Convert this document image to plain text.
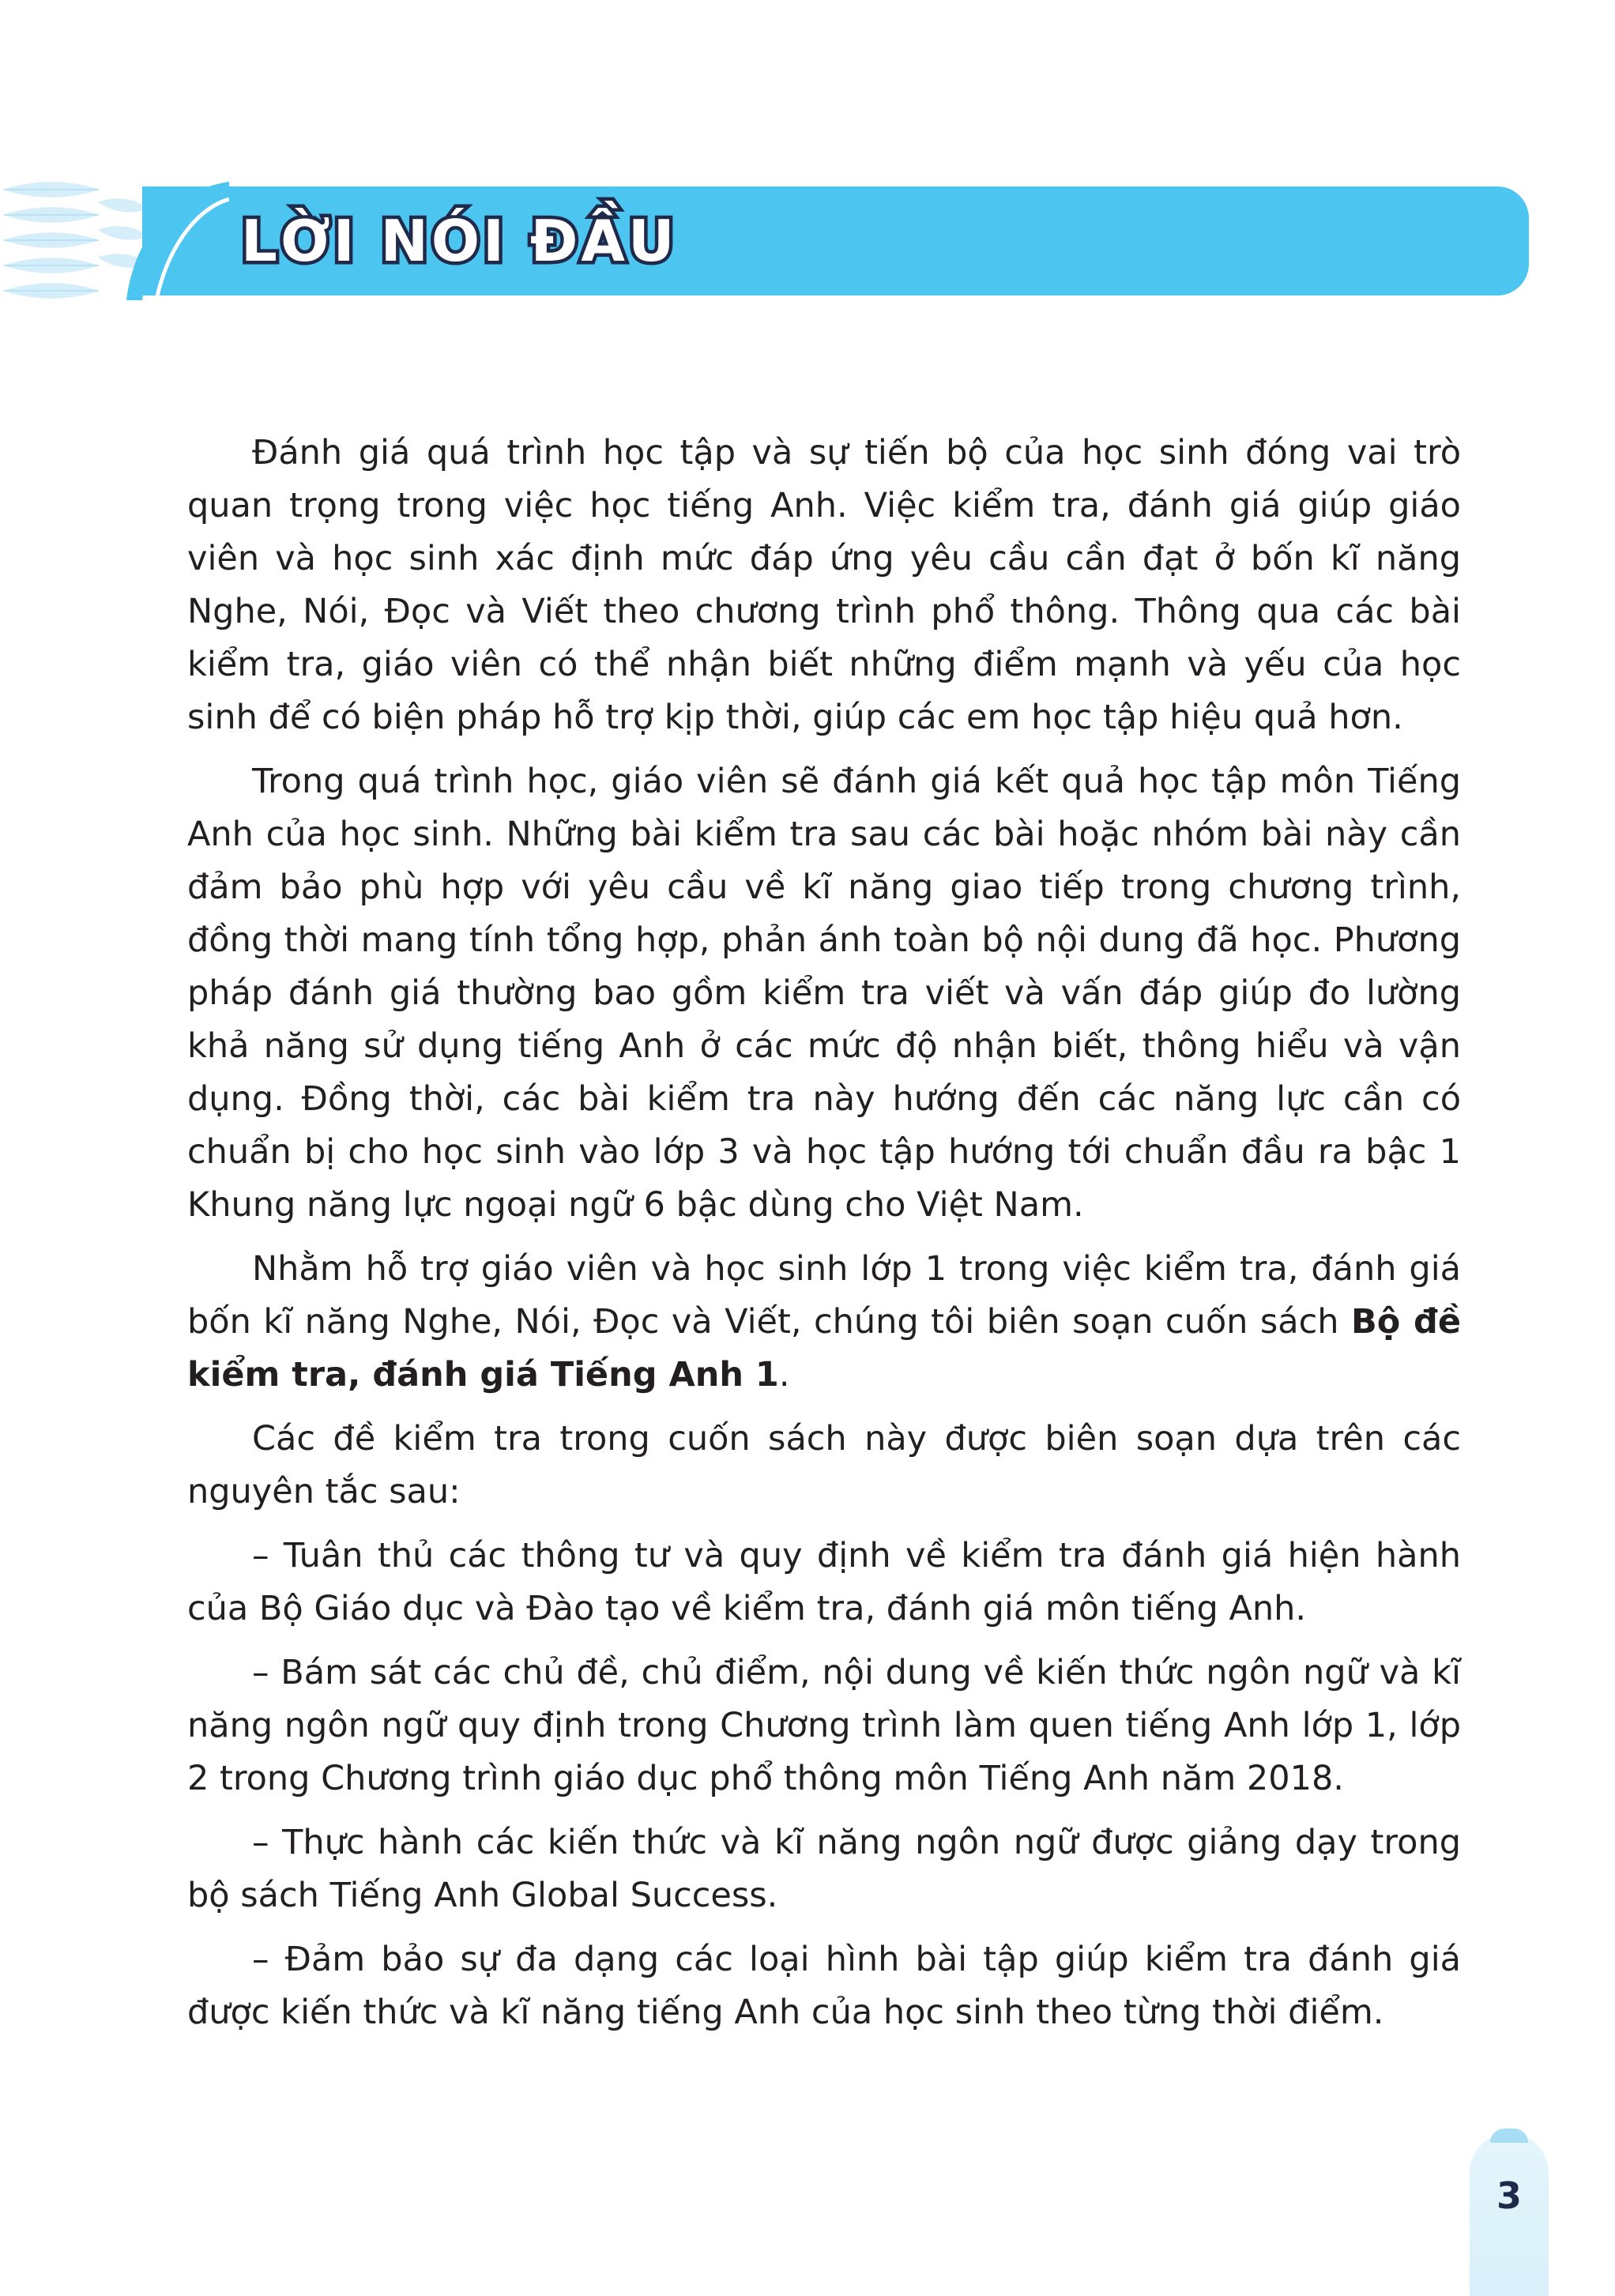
LỜI NÓI ĐẦU

Đánh giá quá trình học tập và sự tiến bộ của học sinh đóng vai trò quan trọng trong việc học tiếng Anh. Việc kiểm tra, đánh giá giúp giáo viên và học sinh xác định mức đáp ứng yêu cầu cần đạt ở bốn kĩ năng Nghe, Nói, Đọc và Viết theo chương trình phổ thông. Thông qua các bài kiểm tra, giáo viên có thể nhận biết những điểm mạnh và yếu của học sinh để có biện pháp hỗ trợ kịp thời, giúp các em học tập hiệu quả hơn.

Trong quá trình học, giáo viên sẽ đánh giá kết quả học tập môn Tiếng Anh của học sinh. Những bài kiểm tra sau các bài hoặc nhóm bài này cần đảm bảo phù hợp với yêu cầu về kĩ năng giao tiếp trong chương trình, đồng thời mang tính tổng hợp, phản ánh toàn bộ nội dung đã học. Phương pháp đánh giá thường bao gồm kiểm tra viết và vấn đáp giúp đo lường khả năng sử dụng tiếng Anh ở các mức độ nhận biết, thông hiểu và vận dụng. Đồng thời, các bài kiểm tra này hướng đến các năng lực cần có chuẩn bị cho học sinh vào lớp 3 và học tập hướng tới chuẩn đầu ra bậc 1 Khung năng lực ngoại ngữ 6 bậc dùng cho Việt Nam.

Nhằm hỗ trợ giáo viên và học sinh lớp 1 trong việc kiểm tra, đánh giá bốn kĩ năng Nghe, Nói, Đọc và Viết, chúng tôi biên soạn cuốn sách Bộ đề kiểm tra, đánh giá Tiếng Anh 1.

Các đề kiểm tra trong cuốn sách này được biên soạn dựa trên các nguyên tắc sau:

– Tuân thủ các thông tư và quy định về kiểm tra đánh giá hiện hành của Bộ Giáo dục và Đào tạo về kiểm tra, đánh giá môn tiếng Anh.

– Bám sát các chủ đề, chủ điểm, nội dung về kiến thức ngôn ngữ và kĩ năng ngôn ngữ quy định trong Chương trình làm quen tiếng Anh lớp 1, lớp 2 trong Chương trình giáo dục phổ thông môn Tiếng Anh năm 2018.

– Thực hành các kiến thức và kĩ năng ngôn ngữ được giảng dạy trong bộ sách Tiếng Anh Global Success.

– Đảm bảo sự đa dạng các loại hình bài tập giúp kiểm tra đánh giá được kiến thức và kĩ năng tiếng Anh của học sinh theo từng thời điểm.

3
